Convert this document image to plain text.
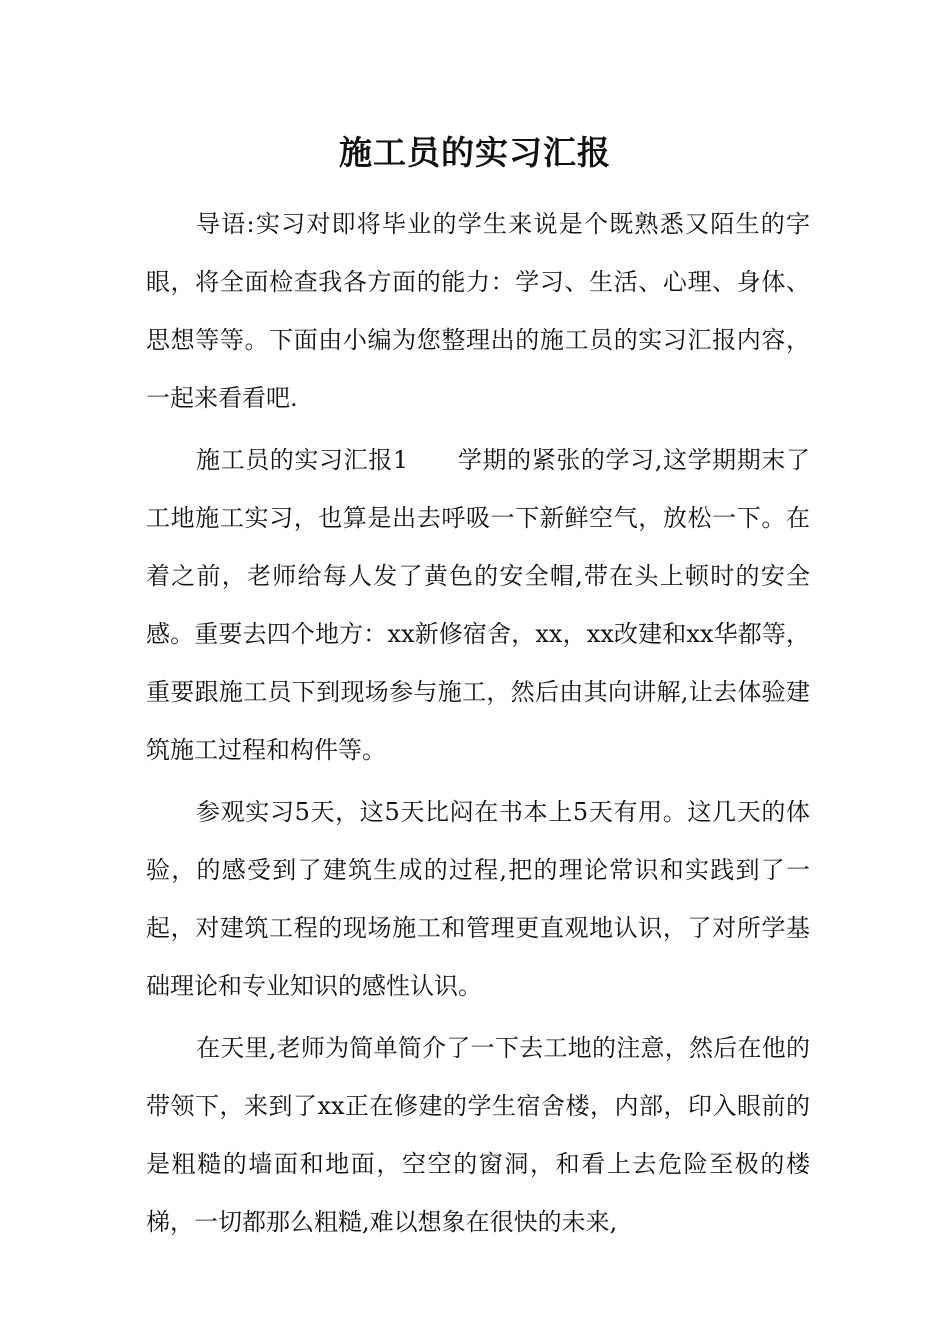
施工员的实习汇报

导语:实习对即将毕业的学生来说是个既熟悉又陌生的字眼，将全面检查我各方面的能力：学习、生活、心理、身体、思想等等。下面由小编为您整理出的施工员的实习汇报内容，一起来看看吧.

施工员的实习汇报1　　学期的紧张的学习,这学期期末了工地施工实习，也算是出去呼吸一下新鲜空气，放松一下。在着之前，老师给每人发了黄色的安全帽,带在头上顿时的安全感。重要去四个地方：xx新修宿舍，xx，xx改建和xx华都等，重要跟施工员下到现场参与施工，然后由其向讲解,让去体验建筑施工过程和构件等。

参观实习5天，这5天比闷在书本上5天有用。这几天的体验，的感受到了建筑生成的过程,把的理论常识和实践到了一起，对建筑工程的现场施工和管理更直观地认识，了对所学基础理论和专业知识的感性认识。

在天里,老师为简单简介了一下去工地的注意，然后在他的带领下，来到了xx正在修建的学生宿舍楼，内部，印入眼前的是粗糙的墙面和地面，空空的窗洞，和看上去危险至极的楼梯，一切都那么粗糙,难以想象在很快的未来,
